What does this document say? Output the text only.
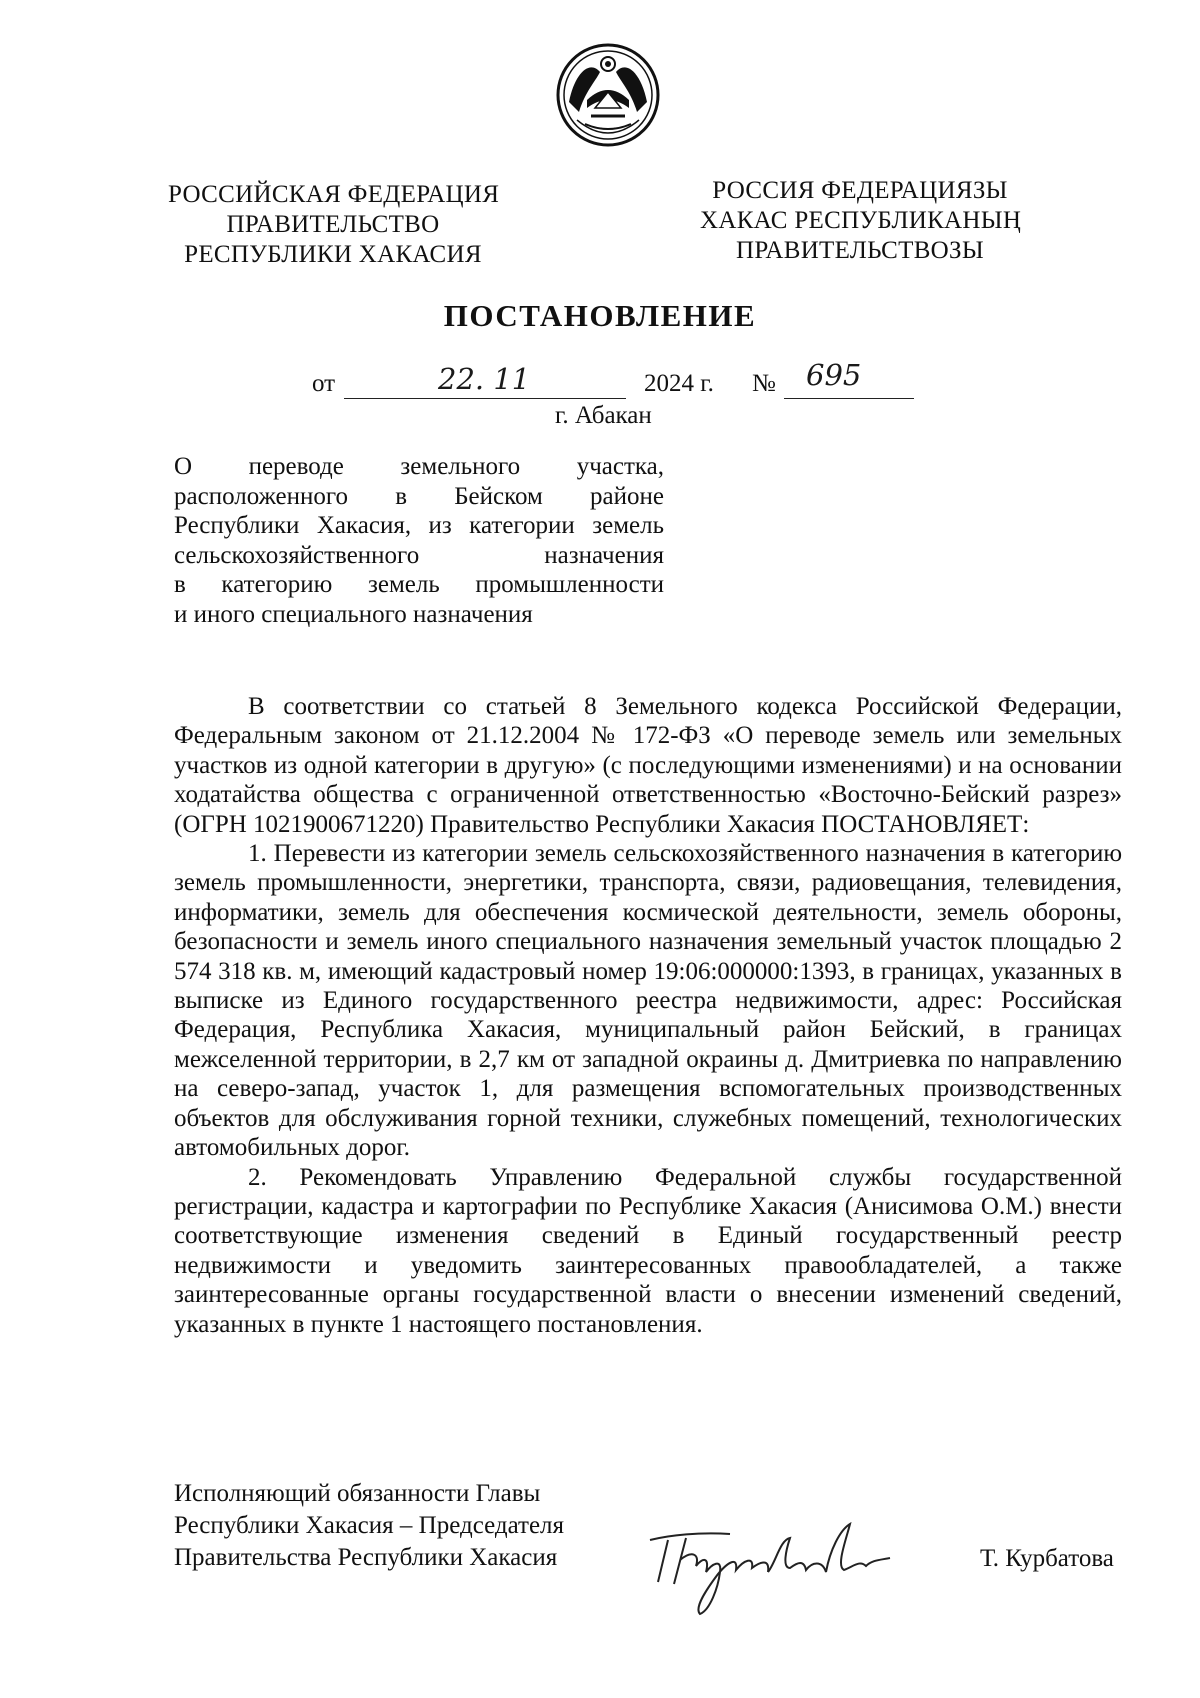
РОССИЙСКАЯ ФЕДЕРАЦИЯ
ПРАВИТЕЛЬСТВО
РЕСПУБЛИКИ ХАКАСИЯ
РОССИЯ ФЕДЕРАЦИЯЗЫ
ХАКАС РЕСПУБЛИКАНЫҢ
ПРАВИТЕЛЬСТВОЗЫ
ПОСТАНОВЛЕНИЕ
от	22. 11	2024 г. № 695
г. Абакан
О переводе земельного участка,
расположенного в Бейском районе
Республики Хакасия, из категории земель
сельскохозяйственного назначения
в категорию земель промышленности
и иного специального назначения

В соответствии со статьей 8 Земельного кодекса Российской Федерации, Федеральным законом от 21.12.2004 № 172-ФЗ «О переводе земель или земельных участков из одной категории в другую» (с последующими изменениями) и на основании ходатайства общества с ограниченной ответственностью «Восточно-Бейский разрез» (ОГРН 1021900671220) Правительство Республики Хакасия ПОСТАНОВЛЯЕТ:

1. Перевести из категории земель сельскохозяйственного назначения в категорию земель промышленности, энергетики, транспорта, связи, радиовещания, телевидения, информатики, земель для обеспечения космической деятельности, земель обороны, безопасности и земель иного специального назначения земельный участок площадью 2 574 318 кв. м, имеющий кадастровый номер 19:06:000000:1393, в границах, указанных в выписке из Единого государственного реестра недвижимости, адрес: Российская Федерация, Республика Хакасия, муниципальный район Бейский, в границах межселенной территории, в 2,7 км от западной окраины д. Дмитриевка по направлению на северо-запад, участок 1, для размещения вспомогательных производственных объектов для обслуживания горной техники, служебных помещений, технологических автомобильных дорог.

2. Рекомендовать Управлению Федеральной службы государственной регистрации, кадастра и картографии по Республике Хакасия (Анисимова О.М.) внести соответствующие изменения сведений в Единый государственный реестр недвижимости и уведомить заинтересованных правообладателей, а также заинтересованные органы государственной власти о внесении изменений сведений, указанных в пункте 1 настоящего постановления.

Исполняющий обязанности Главы
Республики Хакасия – Председателя
Правительства Республики Хакасия	Т. Курбатова
